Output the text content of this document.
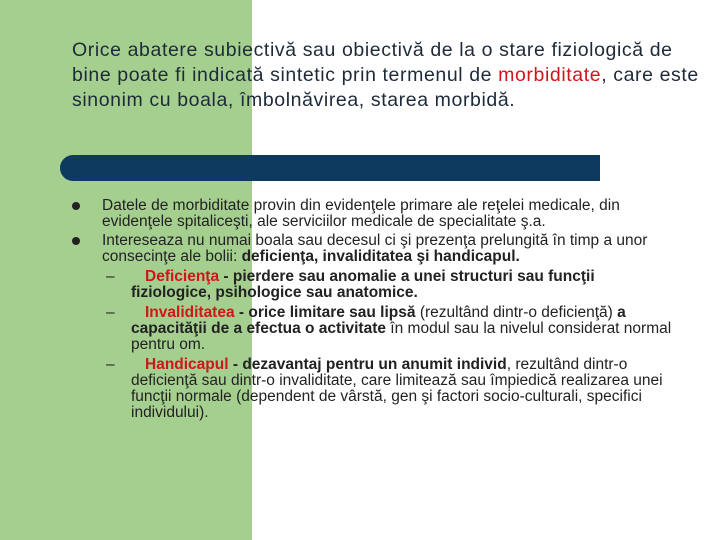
Orice abatere subiectivă sau obiectivă de la o stare fiziologică de bine poate fi indicată sintetic prin termenul de morbiditate, care este sinonim cu boala, îmbolnăvirea, starea morbidă.
Datele de morbiditate provin din evidenţele primare ale reţelei medicale, din evidenţele spitaliceşti, ale serviciilor medicale de specialitate ş.a.
Intereseaza nu numai boala sau decesul ci şi prezenţa prelungită în timp a unor consecinţe ale bolii: deficienţa, invaliditatea şi handicapul.
– Deficienţa - pierdere sau anomalie a unei structuri sau funcţii fiziologice, psihologice sau anatomice.
– Invaliditatea - orice limitare sau lipsă (rezultând dintr‑o deficienţă) a capacităţii de a efectua o activitate în modul sau la nivelul considerat normal pentru om.
– Handicapul - dezavantaj pentru un anumit individ, rezultând dintr‑o deficienţă sau dintr‑o invaliditate, care limitează sau împiedică realizarea unei funcţii normale (dependent de vârstă, gen şi factori socio‑culturali, specifici individului).
